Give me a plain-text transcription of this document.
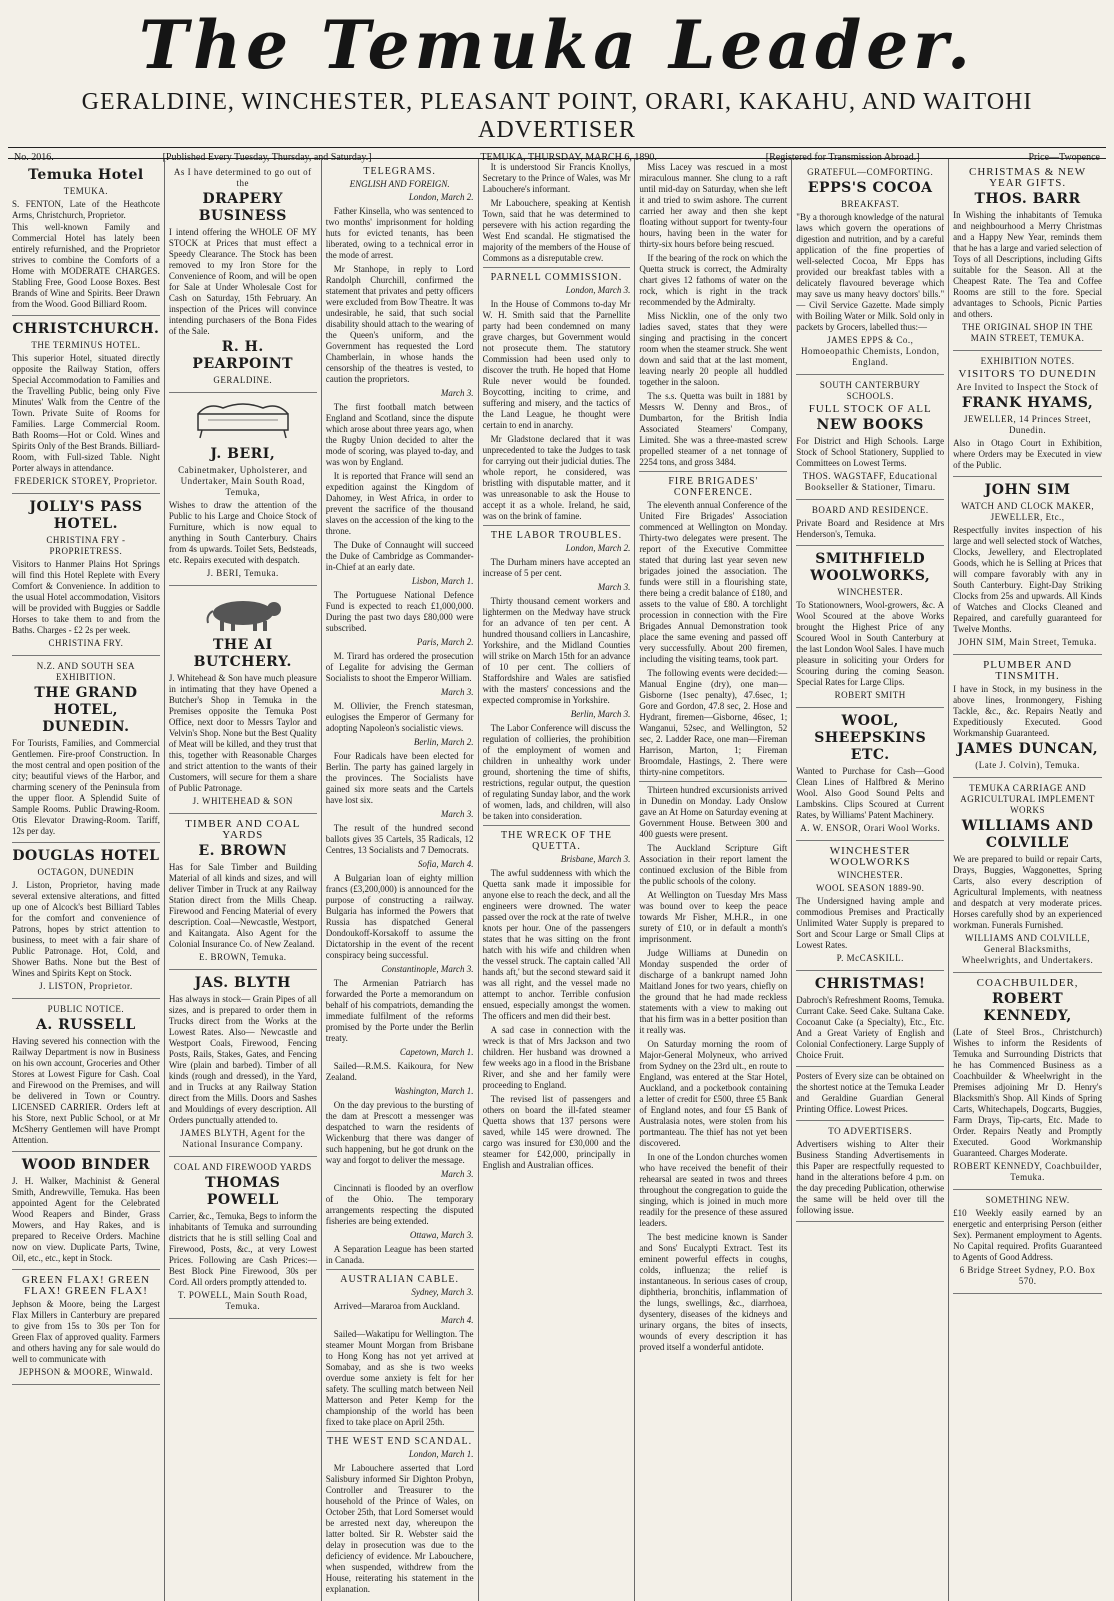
The Temuka Leader.
GERALDINE, WINCHESTER, PLEASANT POINT, ORARI, KAKAHU, AND WAITOHI ADVERTISER
No. 2016.	[Published Every Tuesday, Thursday, and Saturday.]	TEMUKA, THURSDAY, MARCH 6, 1890.	[Registered for Transmission Abroad.]	Price—Twopence
Temuka Hotel
TEMUKA.

S. FENTON, Late of the Heathcote Arms, Christchurch, Proprietor.

This well-known Family and Commercial Hotel has lately been entirely refurnished, and the Proprietor strives to combine the Comforts of a Home with MODERATE CHARGES. Stabling Free, Good Loose Boxes. Best Brands of Wine and Spirits. Beer Drawn from the Wood. Good Billiard Room.

CHRISTCHURCH.
THE TERMINUS HOTEL.

This superior Hotel, situated directly opposite the Railway Station, offers Special Accommodation to Families and the Travelling Public, being only Five Minutes' Walk from the Centre of the Town. Private Suite of Rooms for Families. Large Commercial Room. Bath Rooms—Hot or Cold. Wines and Spirits Only of the Best Brands. Billiard-Room, with Full-sized Table. Night Porter always in attendance.

FREDERICK STOREY, Proprietor.
JOLLY'S PASS HOTEL.
CHRISTINA FRY - PROPRIETRESS.

Visitors to Hanmer Plains Hot Springs will find this Hotel Replete with Every Comfort & Convenience. In addition to the usual Hotel accommodation, Visitors will be provided with Buggies or Saddle Horses to take them to and from the Baths. Charges - £2 2s per week.

CHRISTINA FRY.
N.Z. AND SOUTH SEA EXHIBITION.
THE GRAND HOTEL, DUNEDIN.

For Tourists, Families, and Commercial Gentlemen. Fire-proof Construction. In the most central and open position of the city; beautiful views of the Harbor, and charming scenery of the Peninsula from the upper floor. A Splendid Suite of Sample Rooms. Public Drawing-Room. Otis Elevator Drawing-Room. Tariff, 12s per day.

DOUGLAS HOTEL
OCTAGON, DUNEDIN

J. Liston, Proprietor, having made several extensive alterations, and fitted up one of Alcock's best Billiard Tables for the comfort and convenience of Patrons, hopes by strict attention to business, to meet with a fair share of Public Patronage. Hot, Cold, and Shower Baths. None but the Best of Wines and Spirits Kept on Stock.

J. LISTON, Proprietor.
PUBLIC NOTICE.
A. RUSSELL

Having severed his connection with the Railway Department is now in Business on his own account, Groceries and Other Stores at Lowest Figure for Cash. Coal and Firewood on the Premises, and will be delivered in Town or Country. LICENSED CARRIER. Orders left at his Store, next Public School, or at Mr McSherry Gentlemen will have Prompt Attention.

WOOD BINDER

J. H. Walker, Machinist & General Smith, Andrewville, Temuka. Has been appointed Agent for the Celebrated Wood Reapers and Binder, Grass Mowers, and Hay Rakes, and is prepared to Receive Orders. Machine now on view. Duplicate Parts, Twine, Oil, etc., etc., kept in Stock.

GREEN FLAX! GREEN FLAX! GREEN FLAX!

Jephson & Moore, being the Largest Flax Millers in Canterbury are prepared to give from 15s to 30s per Ton for Green Flax of approved quality. Farmers and others having any for sale would do well to communicate with

JEPHSON & MOORE, Winwald.
As I have determined to go out of the
DRAPERY BUSINESS

I intend offering the WHOLE OF MY STOCK at Prices that must effect a Speedy Clearance. The Stock has been removed to my Iron Store for the Convenience of Room, and will be open for Sale at Under Wholesale Cost for Cash on Saturday, 15th February. An inspection of the Prices will convince intending purchasers of the Bona Fides of the Sale.

R. H. PEARPOINT
GERALDINE.
J. BERI,
Cabinetmaker, Upholsterer, and Undertaker, Main South Road, Temuka,

Wishes to draw the attention of the Public to his Large and Choice Stock of Furniture, which is now equal to anything in South Canterbury. Chairs from 4s upwards. Toilet Sets, Bedsteads, etc. Repairs executed with despatch.

J. BERI, Temuka.
THE AI BUTCHERY.

J. Whitehead & Son have much pleasure in intimating that they have Opened a Butcher's Shop in Temuka in the Premises opposite the Temuka Post Office, next door to Messrs Taylor and Velvin's Shop. None but the Best Quality of Meat will be killed, and they trust that this, together with Reasonable Charges and strict attention to the wants of their Customers, will secure for them a share of Public Patronage.

J. WHITEHEAD & SON
TIMBER AND COAL YARDS
E. BROWN

Has for Sale Timber and Building Material of all kinds and sizes, and will deliver Timber in Truck at any Railway Station direct from the Mills Cheap. Firewood and Fencing Material of every description. Coal—Newcastle, Westport, and Kaitangata. Also Agent for the Colonial Insurance Co. of New Zealand.

E. BROWN, Temuka.
JAS. BLYTH

Has always in stock— Grain Pipes of all sizes, and is prepared to order them in Trucks direct from the Works at the Lowest Rates. Also— Newcastle and Westport Coals, Firewood, Fencing Posts, Rails, Stakes, Gates, and Fencing Wire (plain and barbed). Timber of all kinds (rough and dressed), in the Yard, and in Trucks at any Railway Station direct from the Mills. Doors and Sashes and Mouldings of every description. All Orders punctually attended to.

JAMES BLYTH, Agent for the National Insurance Company.
COAL AND FIREWOOD YARDS
THOMAS POWELL

Carrier, &c., Temuka, Begs to inform the inhabitants of Temuka and surrounding districts that he is still selling Coal and Firewood, Posts, &c., at very Lowest Prices. Following are Cash Prices:—Best Block Pine Firewood, 30s per Cord. All orders promptly attended to.

T. POWELL, Main South Road, Temuka.
TELEGRAMS.
ENGLISH AND FOREIGN.

London, March 2.

Father Kinsella, who was sentenced to two months' imprisonment for holding huts for evicted tenants, has been liberated, owing to a technical error in the mode of arrest.

Mr Stanhope, in reply to Lord Randolph Churchill, confirmed the statement that privates and petty officers were excluded from Bow Theatre. It was undesirable, he said, that such social disability should attach to the wearing of the Queen's uniform, and the Government has requested the Lord Chamberlain, in whose hands the censorship of the theatres is vested, to caution the proprietors.

March 3.

The first football match between England and Scotland, since the dispute which arose about three years ago, when the Rugby Union decided to alter the mode of scoring, was played to-day, and was won by England.

It is reported that France will send an expedition against the Kingdom of Dahomey, in West Africa, in order to prevent the sacrifice of the thousand slaves on the accession of the king to the throne.

The Duke of Connaught will succeed the Duke of Cambridge as Commander-in-Chief at an early date.

Lisbon, March 1.

The Portuguese National Defence Fund is expected to reach £1,000,000. During the past two days £80,000 were subscribed.

Paris, March 2.

M. Tirard has ordered the prosecution of Legalite for advising the German Socialists to shoot the Emperor William.

March 3.

M. Ollivier, the French statesman, eulogises the Emperor of Germany for adopting Napoleon's socialistic views.

Berlin, March 2.

Four Radicals have been elected for Berlin. The party has gained largely in the provinces. The Socialists have gained six more seats and the Cartels have lost six.

March 3.

The result of the hundred second ballots gives 35 Cartels, 35 Radicals, 12 Centres, 13 Socialists and 7 Democrats.

Sofia, March 4.

A Bulgarian loan of eighty million francs (£3,200,000) is announced for the purpose of constructing a railway. Bulgaria has informed the Powers that Russia has dispatched General Dondoukoff-Korsakoff to assume the Dictatorship in the event of the recent conspiracy being successful.

Constantinople, March 3.

The Armenian Patriarch has forwarded the Porte a memorandum on behalf of his compatriots, demanding the immediate fulfilment of the reforms promised by the Porte under the Berlin treaty.

Capetown, March 1.

Sailed—R.M.S. Kaikoura, for New Zealand.

Washington, March 1.

On the day previous to the bursting of the dam at Prescott a messenger was despatched to warn the residents of Wickenburg that there was danger of such happening, but he got drunk on the way and forgot to deliver the message.

March 3.

Cincinnati is flooded by an overflow of the Ohio. The temporary arrangements respecting the disputed fisheries are being extended.

Ottawa, March 3.

A Separation League has been started in Canada.

AUSTRALIAN CABLE.

Sydney, March 3.

Arrived—Mararoa from Auckland.

March 4.

Sailed—Wakatipu for Wellington. The steamer Mount Morgan from Brisbane to Hong Kong has not yet arrived at Somabay, and as she is two weeks overdue some anxiety is felt for her safety. The sculling match between Neil Matterson and Peter Kemp for the championship of the world has been fixed to take place on April 25th.

THE WEST END SCANDAL.

London, March 1.

Mr Labouchere asserted that Lord Salisbury informed Sir Dighton Probyn, Controller and Treasurer to the household of the Prince of Wales, on October 25th, that Lord Somerset would be arrested next day, whereupon the latter bolted. Sir R. Webster said the delay in prosecution was due to the deficiency of evidence. Mr Labouchere, when suspended, withdrew from the House, reiterating his statement in the explanation.

It is understood Sir Francis Knollys, Secretary to the Prince of Wales, was Mr Labouchere's informant.

Mr Labouchere, speaking at Kentish Town, said that he was determined to persevere with his action regarding the West End scandal. He stigmatised the majority of the members of the House of Commons as a disreputable crew.

PARNELL COMMISSION.

London, March 3.

In the House of Commons to-day Mr W. H. Smith said that the Parnellite party had been condemned on many grave charges, but Government would not prosecute them. The statutory Commission had been used only to discover the truth. He hoped that Home Rule never would be founded. Boycotting, inciting to crime, and suffering and misery, and the tactics of the Land League, he thought were certain to end in anarchy.

Mr Gladstone declared that it was unprecedented to take the Judges to task for carrying out their judicial duties. The whole report, he considered, was bristling with disputable matter, and it was unreasonable to ask the House to accept it as a whole. Ireland, he said, was on the brink of famine.

THE LABOR TROUBLES.

London, March 2.

The Durham miners have accepted an increase of 5 per cent.

March 3.

Thirty thousand cement workers and lightermen on the Medway have struck for an advance of ten per cent. A hundred thousand colliers in Lancashire, Yorkshire, and the Midland Counties will strike on March 15th for an advance of 10 per cent. The colliers of Staffordshire and Wales are satisfied with the masters' concessions and the expected compromise in Yorkshire.

Berlin, March 3.

The Labor Conference will discuss the regulation of collieries, the prohibition of the employment of women and children in unhealthy work under ground, shortening the time of shifts, restrictions, regular output, the question of regulating Sunday labor, and the work of women, lads, and children, will also be taken into consideration.

THE WRECK OF THE QUETTA.

Brisbane, March 3.

The awful suddenness with which the Quetta sank made it impossible for anyone else to reach the deck, and all the engineers were drowned. The water passed over the rock at the rate of twelve knots per hour. One of the passengers states that he was sitting on the front hatch with his wife and children when the vessel struck. The captain called 'All hands aft,' but the second steward said it was all right, and the vessel made no attempt to anchor. Terrible confusion ensued, especially amongst the women. The officers and men did their best.

A sad case in connection with the wreck is that of Mrs Jackson and two children. Her husband was drowned a few weeks ago in a flood in the Brisbane River, and she and her family were proceeding to England.

The revised list of passengers and others on board the ill-fated steamer Quetta shows that 137 persons were saved, while 145 were drowned. The cargo was insured for £30,000 and the steamer for £42,000, principally in English and Australian offices.

Miss Lacey was rescued in a most miraculous manner. She clung to a raft until mid-day on Saturday, when she left it and tried to swim ashore. The current carried her away and then she kept floating without support for twenty-four hours, having been in the water for thirty-six hours before being rescued.

If the bearing of the rock on which the Quetta struck is correct, the Admiralty chart gives 12 fathoms of water on the rock, which is right in the track recommended by the Admiralty.

Miss Nicklin, one of the only two ladies saved, states that they were singing and practising in the concert room when the steamer struck. She went down and said that at the last moment, leaving nearly 20 people all huddled together in the saloon.

The s.s. Quetta was built in 1881 by Messrs W. Denny and Bros., of Dumbarton, for the British India Associated Steamers' Company, Limited. She was a three-masted screw propelled steamer of a net tonnage of 2254 tons, and gross 3484.

FIRE BRIGADES' CONFERENCE.

The eleventh annual Conference of the United Fire Brigades' Association commenced at Wellington on Monday. Thirty-two delegates were present. The report of the Executive Committee stated that during last year seven new brigades joined the association. The funds were still in a flourishing state, there being a credit balance of £180, and assets to the value of £80. A torchlight procession in connection with the Fire Brigades Annual Demonstration took place the same evening and passed off very successfully. About 200 firemen, including the visiting teams, took part.

The following events were decided:—Manual Engine (dry), one man—Gisborne (1sec penalty), 47.6sec, 1; Gore and Gordon, 47.8 sec, 2. Hose and Hydrant, firemen—Gisborne, 46sec, 1; Wanganui, 52sec, and Wellington, 52 sec, 2. Ladder Race, one man—Fireman Harrison, Marton, 1; Fireman Broomdale, Hastings, 2. There were thirty-nine competitors.

Thirteen hundred excursionists arrived in Dunedin on Monday. Lady Onslow gave an At Home on Saturday evening at Government House. Between 300 and 400 guests were present.

The Auckland Scripture Gift Association in their report lament the continued exclusion of the Bible from the public schools of the colony.

At Wellington on Tuesday Mrs Mass was bound over to keep the peace towards Mr Fisher, M.H.R., in one surety of £10, or in default a month's imprisonment.

Judge Williams at Dunedin on Monday suspended the order of discharge of a bankrupt named John Maitland Jones for two years, chiefly on the ground that he had made reckless statements with a view to making out that his firm was in a better position than it really was.

On Saturday morning the room of Major-General Molyneux, who arrived from Sydney on the 23rd ult., en route to England, was entered at the Star Hotel, Auckland, and a pocketbook containing a letter of credit for £500, three £5 Bank of England notes, and four £5 Bank of Australasia notes, were stolen from his portmanteau. The thief has not yet been discovered.

In one of the London churches women who have received the benefit of their rehearsal are seated in twos and threes throughout the congregation to guide the singing, which is joined in much more readily for the presence of these assured leaders.

The best medicine known is Sander and Sons' Eucalypti Extract. Test its eminent powerful effects in coughs, colds, influenza; the relief is instantaneous. In serious cases of croup, diphtheria, bronchitis, inflammation of the lungs, swellings, &c., diarrhoea, dysentery, diseases of the kidneys and urinary organs, the bites of insects, wounds of every description it has proved itself a wonderful antidote.

GRATEFUL—COMFORTING.
EPPS'S COCOA
BREAKFAST.

"By a thorough knowledge of the natural laws which govern the operations of digestion and nutrition, and by a careful application of the fine properties of well-selected Cocoa, Mr Epps has provided our breakfast tables with a delicately flavoured beverage which may save us many heavy doctors' bills." — Civil Service Gazette. Made simply with Boiling Water or Milk. Sold only in packets by Grocers, labelled thus:—

JAMES EPPS & Co., Homoeopathic Chemists, London, England.
SOUTH CANTERBURY SCHOOLS.
FULL STOCK OF ALL
NEW BOOKS

For District and High Schools. Large Stock of School Stationery, Supplied to Committees on Lowest Terms.

THOS. WAGSTAFF, Educational Bookseller & Stationer, Timaru.
BOARD AND RESIDENCE.

Private Board and Residence at Mrs Henderson's, Temuka.

SMITHFIELD WOOLWORKS,
WINCHESTER.

To Stationowners, Wool-growers, &c. A Wool Scoured at the above Works brought the Highest Price of any Scoured Wool in South Canterbury at the last London Wool Sales. I have much pleasure in soliciting your Orders for Scouring during the coming Season. Special Rates for Large Clips.

ROBERT SMITH
WOOL, SHEEPSKINS ETC.

Wanted to Purchase for Cash—Good Clean Lines of Halfbred & Merino Wool. Also Good Sound Pelts and Lambskins. Clips Scoured at Current Rates, by Williams' Patent Machinery.

A. W. ENSOR, Orari Wool Works.
WINCHESTER WOOLWORKS
WINCHESTER.
WOOL SEASON 1889-90.

The Undersigned having ample and commodious Premises and Practically Unlimited Water Supply is prepared to Sort and Scour Large or Small Clips at Lowest Rates.

P. McCASKILL.
CHRISTMAS!

Dabroch's Refreshment Rooms, Temuka. Currant Cake. Seed Cake. Sultana Cake. Cocoanut Cake (a Specialty), Etc., Etc. And a Great Variety of English and Colonial Confectionery. Large Supply of Choice Fruit.

Posters of Every size can be obtained on the shortest notice at the Temuka Leader and Geraldine Guardian General Printing Office. Lowest Prices.

TO ADVERTISERS.

Advertisers wishing to Alter their Business Standing Advertisements in this Paper are respectfully requested to hand in the alterations before 4 p.m. on the day preceding Publication, otherwise the same will be held over till the following issue.

CHRISTMAS & NEW YEAR GIFTS.
THOS. BARR

In Wishing the inhabitants of Temuka and neighbourhood a Merry Christmas and a Happy New Year, reminds them that he has a large and varied selection of Toys of all Descriptions, including Gifts suitable for the Season. All at the Cheapest Rate. The Tea and Coffee Rooms are still to the fore. Special advantages to Schools, Picnic Parties and others.

THE ORIGINAL SHOP IN THE MAIN STREET, TEMUKA.
EXHIBITION NOTES.
VISITORS TO DUNEDIN
Are Invited to Inspect the Stock of
FRANK HYAMS,
JEWELLER, 14 Princes Street, Dunedin.

Also in Otago Court in Exhibition, where Orders may be Executed in view of the Public.

JOHN SIM
WATCH AND CLOCK MAKER, JEWELLER, Etc.,

Respectfully invites inspection of his large and well selected stock of Watches, Clocks, Jewellery, and Electroplated Goods, which he is Selling at Prices that will compare favorably with any in South Canterbury. Eight-Day Striking Clocks from 25s and upwards. All Kinds of Watches and Clocks Cleaned and Repaired, and carefully guaranteed for Twelve Months.

JOHN SIM, Main Street, Temuka.
PLUMBER AND TINSMITH.

I have in Stock, in my business in the above lines, Ironmongery, Fishing Tackle, &c., &c. Repairs Neatly and Expeditiously Executed. Good Workmanship Guaranteed.

JAMES DUNCAN,
(Late J. Colvin), Temuka.
TEMUKA CARRIAGE AND AGRICULTURAL IMPLEMENT WORKS
WILLIAMS AND COLVILLE

We are prepared to build or repair Carts, Drays, Buggies, Waggonettes, Spring Carts, also every description of Agricultural Implements, with neatness and despatch at very moderate prices. Horses carefully shod by an experienced workman. Funerals Furnished.

WILLIAMS AND COLVILLE, General Blacksmiths, Wheelwrights, and Undertakers.
COACHBUILDER,
ROBERT KENNEDY,

(Late of Steel Bros., Christchurch) Wishes to inform the Residents of Temuka and Surrounding Districts that he has Commenced Business as a Coachbuilder & Wheelwright in the Premises adjoining Mr D. Henry's Blacksmith's Shop. All Kinds of Spring Carts, Whitechapels, Dogcarts, Buggies, Farm Drays, Tip-carts, Etc. Made to Order. Repairs Neatly and Promptly Executed. Good Workmanship Guaranteed. Charges Moderate.

ROBERT KENNEDY, Coachbuilder, Temuka.
SOMETHING NEW.

£10 Weekly easily earned by an energetic and enterprising Person (either Sex). Permanent employment to Agents. No Capital required. Profits Guaranteed to Agents of Good Address.

6 Bridge Street Sydney, P.O. Box 570.
